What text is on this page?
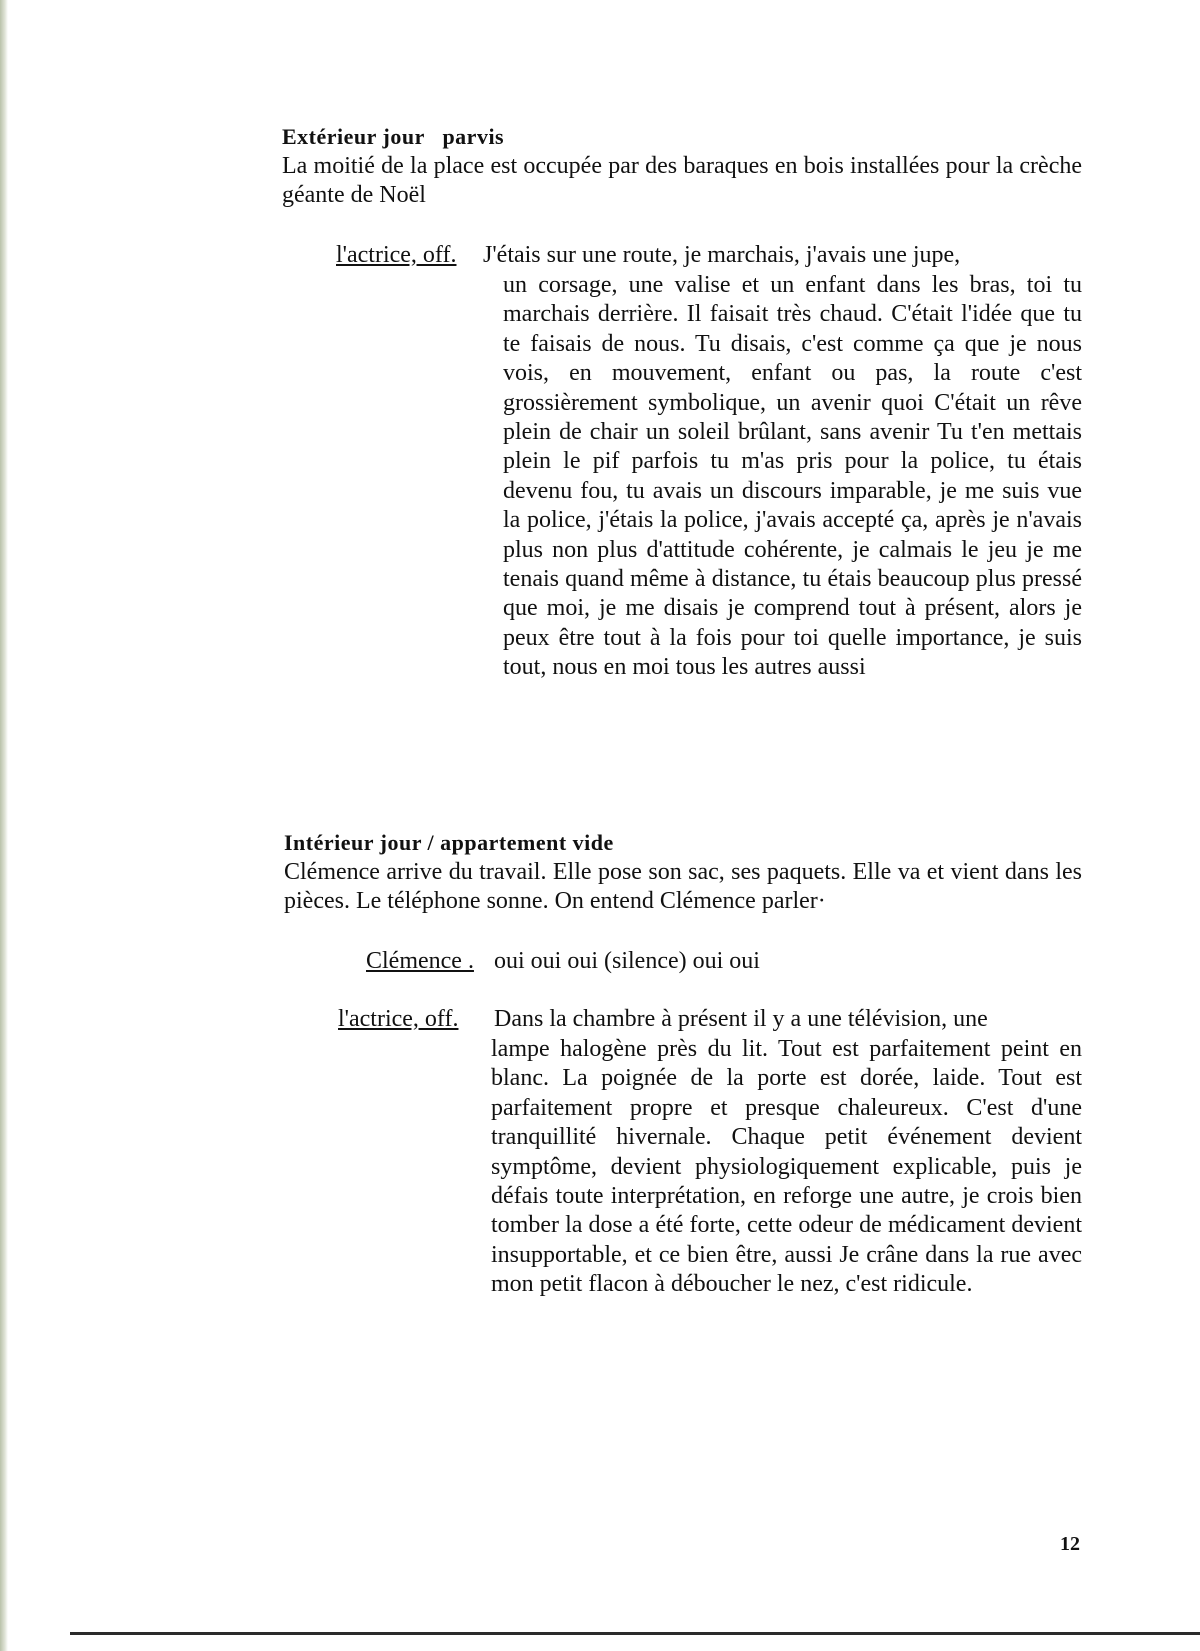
Extérieur jour   parvis
La moitié de la place est occupée par des baraques en bois installées pour la crèche géante de Noël
l'actrice, off. J'étais sur une route, je marchais, j'avais une jupe,
un corsage, une valise et un enfant dans les bras, toi tu marchais derrière. Il faisait très chaud. C'était l'idée que tu te faisais de nous. Tu disais, c'est comme ça que je nous vois, en mouvement, enfant ou pas, la route c'est grossièrement symbolique, un avenir quoi C'était un rêve plein de chair un soleil brûlant, sans avenir Tu t'en mettais plein le pif parfois tu m'as pris pour la police, tu étais devenu fou, tu avais un discours imparable, je me suis vue la police, j'étais la police, j'avais accepté ça, après je n'avais plus non plus d'attitude cohérente, je calmais le jeu je me tenais quand même à distance, tu étais beaucoup plus pressé que moi, je me disais je comprend tout à présent, alors je peux être tout à la fois pour toi quelle importance, je suis tout, nous en moi tous les autres aussi
Intérieur jour / appartement vide
Clémence arrive du travail. Elle pose son sac, ses paquets. Elle va et vient dans les pièces. Le téléphone sonne. On entend Clémence parler·
Clémence . oui oui oui (silence) oui oui
l'actrice, off. Dans la chambre à présent il y a une télévision, une
lampe halogène près du lit. Tout est parfaitement peint en blanc. La poignée de la porte est dorée, laide. Tout est parfaitement propre et presque chaleureux. C'est d'une tranquillité hivernale. Chaque petit événement devient symptôme, devient physiologiquement explicable, puis je défais toute interprétation, en reforge une autre, je crois bien tomber la dose a été forte, cette odeur de médicament devient insupportable, et ce bien être, aussi Je crâne dans la rue avec mon petit flacon à déboucher le nez, c'est ridicule.
12
